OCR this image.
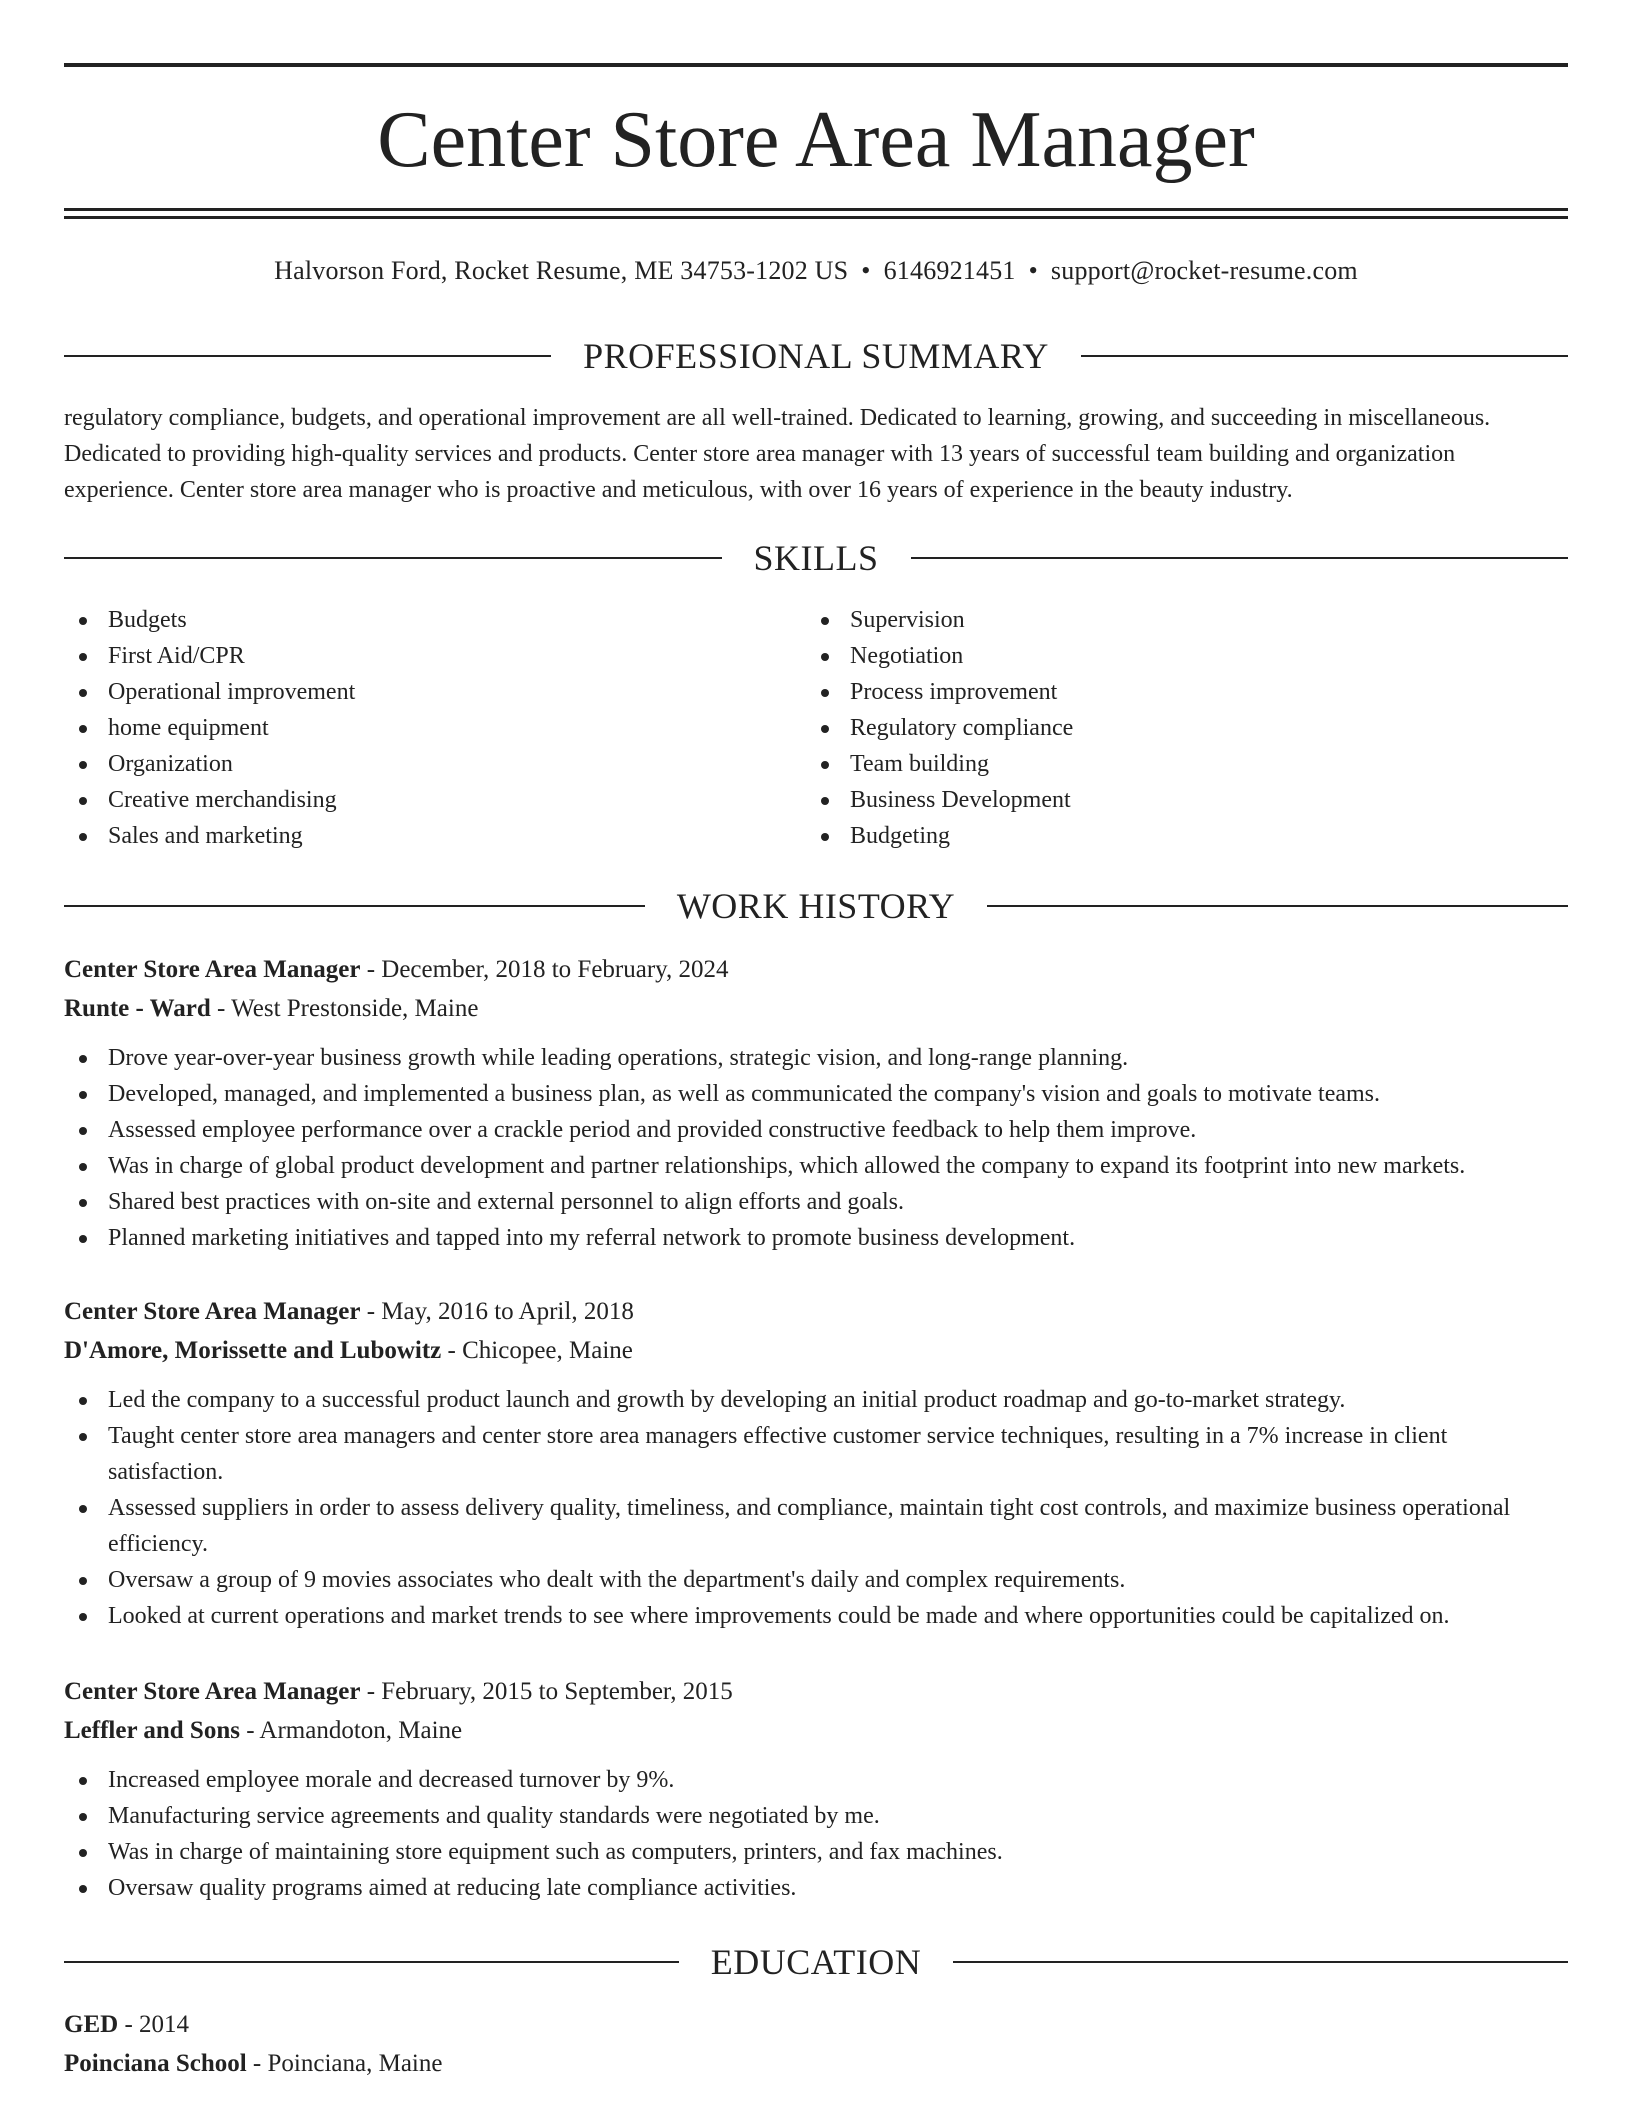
Center Store Area Manager
Halvorson Ford, Rocket Resume, ME 34753-1202 US • 6146921451 • support@rocket-resume.com
PROFESSIONAL SUMMARY

regulatory compliance, budgets, and operational improvement are all well-trained. Dedicated to learning, growing, and succeeding in miscellaneous. Dedicated to providing high-quality services and products. Center store area manager with 13 years of successful team building and organization experience. Center store area manager who is proactive and meticulous, with over 16 years of experience in the beauty industry.

SKILLS
Budgets
First Aid/CPR
Operational improvement
home equipment
Organization
Creative merchandising
Sales and marketing
Supervision
Negotiation
Process improvement
Regulatory compliance
Team building
Business Development
Budgeting
WORK HISTORY
Center Store Area Manager - December, 2018 to February, 2024
Runte - Ward - West Prestonside, Maine
Drove year-over-year business growth while leading operations, strategic vision, and long-range planning.
Developed, managed, and implemented a business plan, as well as communicated the company's vision and goals to motivate teams.
Assessed employee performance over a crackle period and provided constructive feedback to help them improve.
Was in charge of global product development and partner relationships, which allowed the company to expand its footprint into new markets.
Shared best practices with on-site and external personnel to align efforts and goals.
Planned marketing initiatives and tapped into my referral network to promote business development.
Center Store Area Manager - May, 2016 to April, 2018
D'Amore, Morissette and Lubowitz - Chicopee, Maine
Led the company to a successful product launch and growth by developing an initial product roadmap and go-to-market strategy.
Taught center store area managers and center store area managers effective customer service techniques, resulting in a 7% increase in client satisfaction.
Assessed suppliers in order to assess delivery quality, timeliness, and compliance, maintain tight cost controls, and maximize business operational efficiency.
Oversaw a group of 9 movies associates who dealt with the department's daily and complex requirements.
Looked at current operations and market trends to see where improvements could be made and where opportunities could be capitalized on.
Center Store Area Manager - February, 2015 to September, 2015
Leffler and Sons - Armandoton, Maine
Increased employee morale and decreased turnover by 9%.
Manufacturing service agreements and quality standards were negotiated by me.
Was in charge of maintaining store equipment such as computers, printers, and fax machines.
Oversaw quality programs aimed at reducing late compliance activities.
EDUCATION
GED - 2014
Poinciana School - Poinciana, Maine
